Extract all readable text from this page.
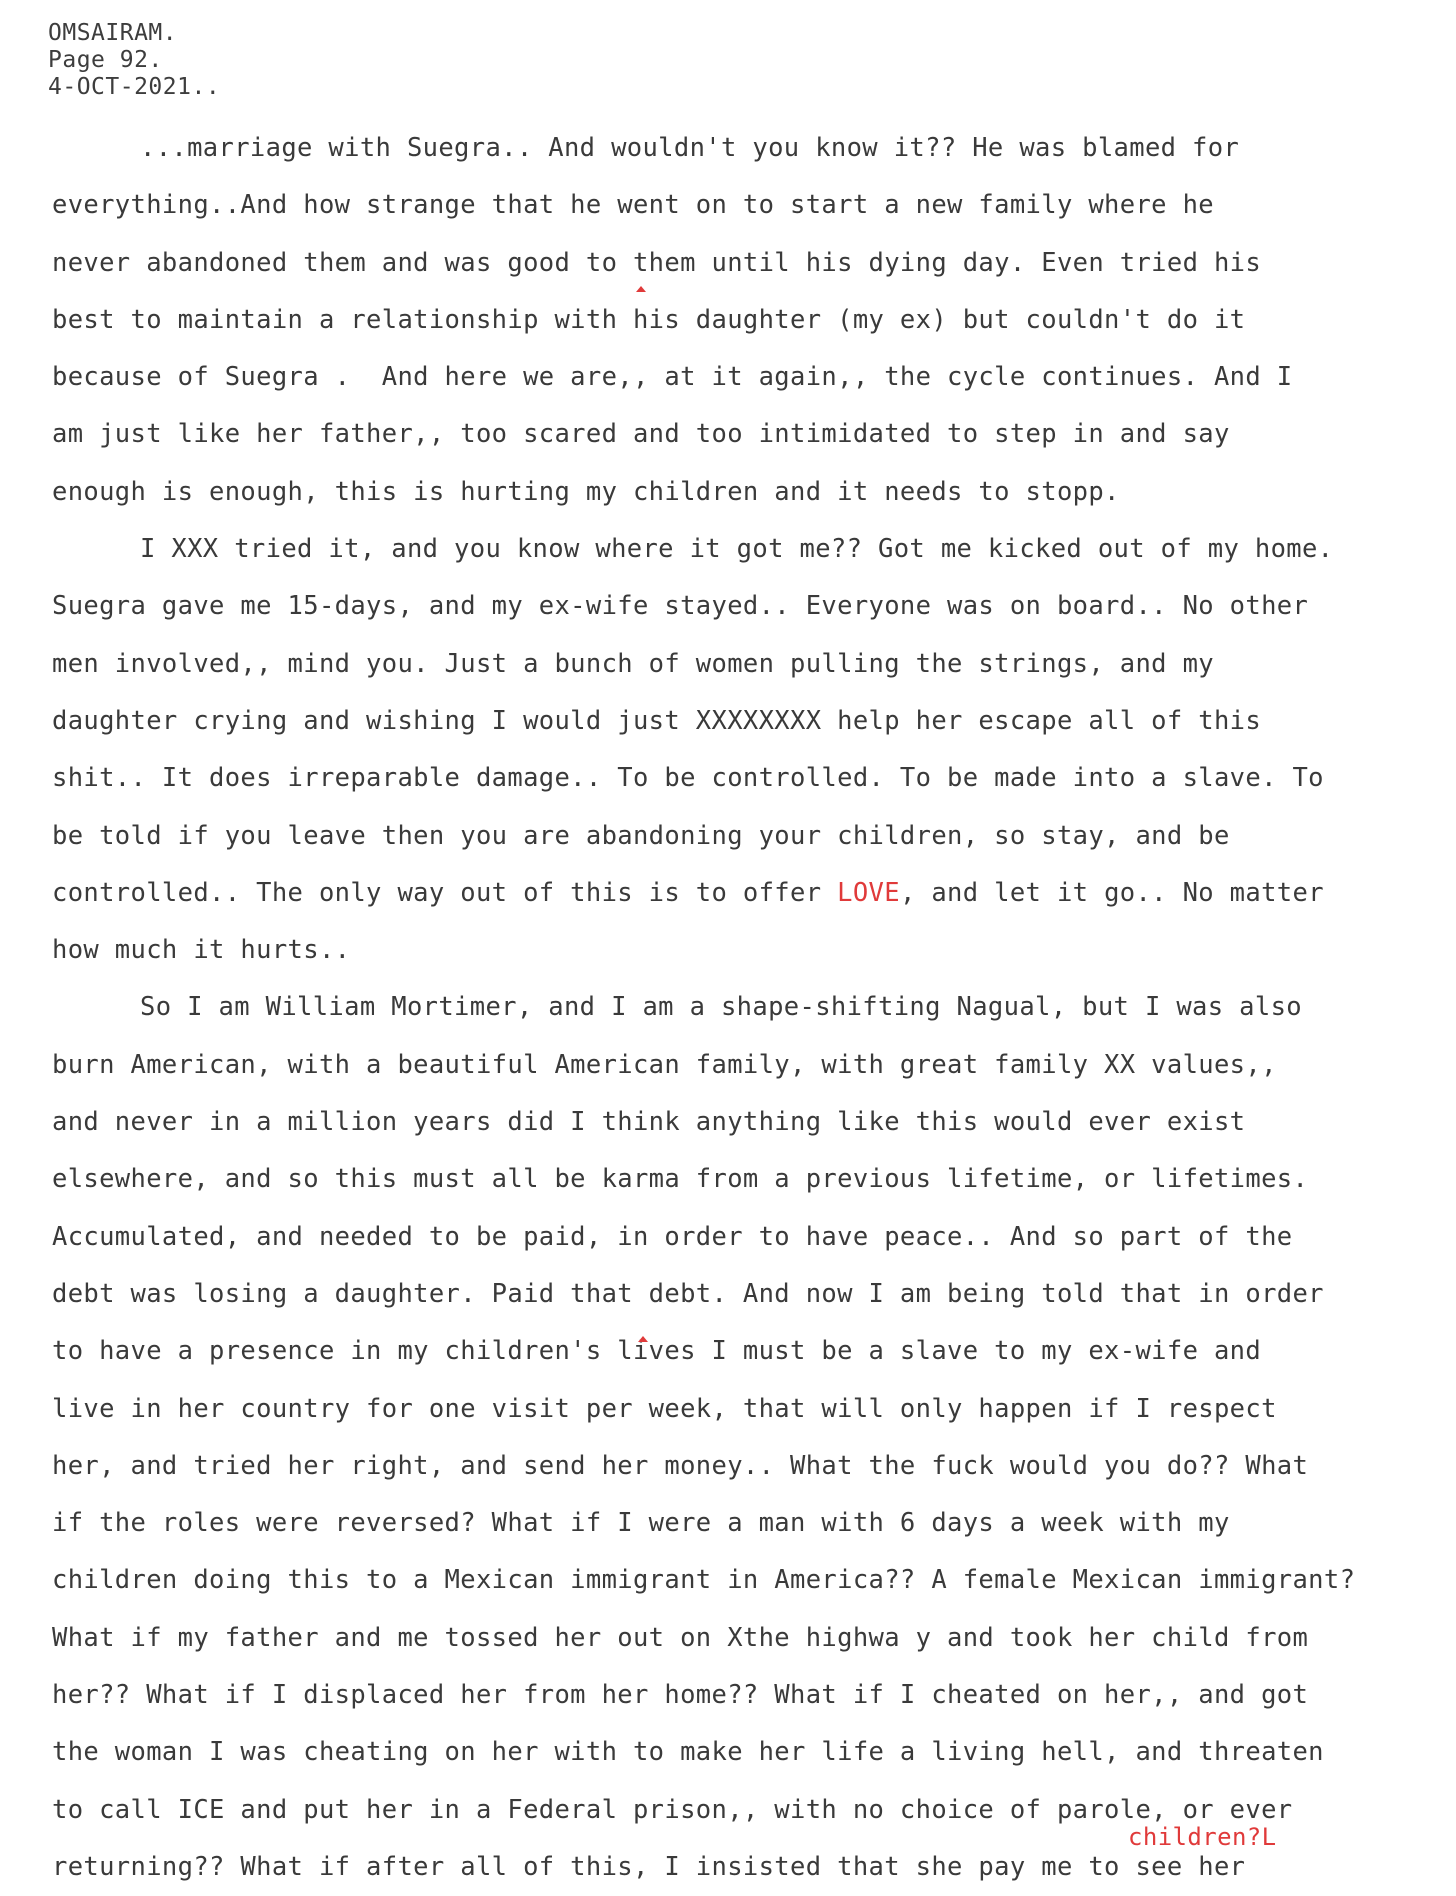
OMSAIRAM.
Page 92.
4-OCT-2021..
...marriage with Suegra.. And wouldn't you know it?? He was blamed for
everything..And how strange that he went on to start a new family where he
never abandoned them and was good to them until his dying day. Even tried his
best to maintain a relationship with his daughter (my ex) but couldn't do it
because of Suegra .  And here we are,, at it again,, the cycle continues. And I
am just like her father,, too scared and too intimidated to step in and say
enough is enough, this is hurting my children and it needs to stopp.
I XXX tried it, and you know where it got me?? Got me kicked out of my home.
Suegra gave me 15-days, and my ex-wife stayed.. Everyone was on board.. No other
men involved,, mind you. Just a bunch of women pulling the strings, and my
daughter crying and wishing I would just XXXXXXXX help her escape all of this
shit.. It does irreparable damage.. To be controlled. To be made into a slave. To
be told if you leave then you are abandoning your children, so stay, and be
controlled.. The only way out of this is to offer LOVE, and let it go.. No matter
how much it hurts..
So I am William Mortimer, and I am a shape-shifting Nagual, but I was also
burn American, with a beautiful American family, with great family XX values,,
and never in a million years did I think anything like this would ever exist
elsewhere, and so this must all be karma from a previous lifetime, or lifetimes.
Accumulated, and needed to be paid, in order to have peace.. And so part of the
debt was losing a daughter. Paid that debt. And now I am being told that in order
to have a presence in my children's lives I must be a slave to my ex-wife and
live in her country for one visit per week, that will only happen if I respect
her, and tried her right, and send her money.. What the fuck would you do?? What
if the roles were reversed? What if I were a man with 6 days a week with my
children doing this to a Mexican immigrant in America?? A female Mexican immigrant?
What if my father and me tossed her out on Xthe highwa y and took her child from
her?? What if I displaced her from her home?? What if I cheated on her,, and got
the woman I was cheating on her with to make her life a living hell, and threaten
to call ICE and put her in a Federal prison,, with no choice of parole, or ever
returning?? What if after all of this, I insisted that she pay me to see her
children?L
